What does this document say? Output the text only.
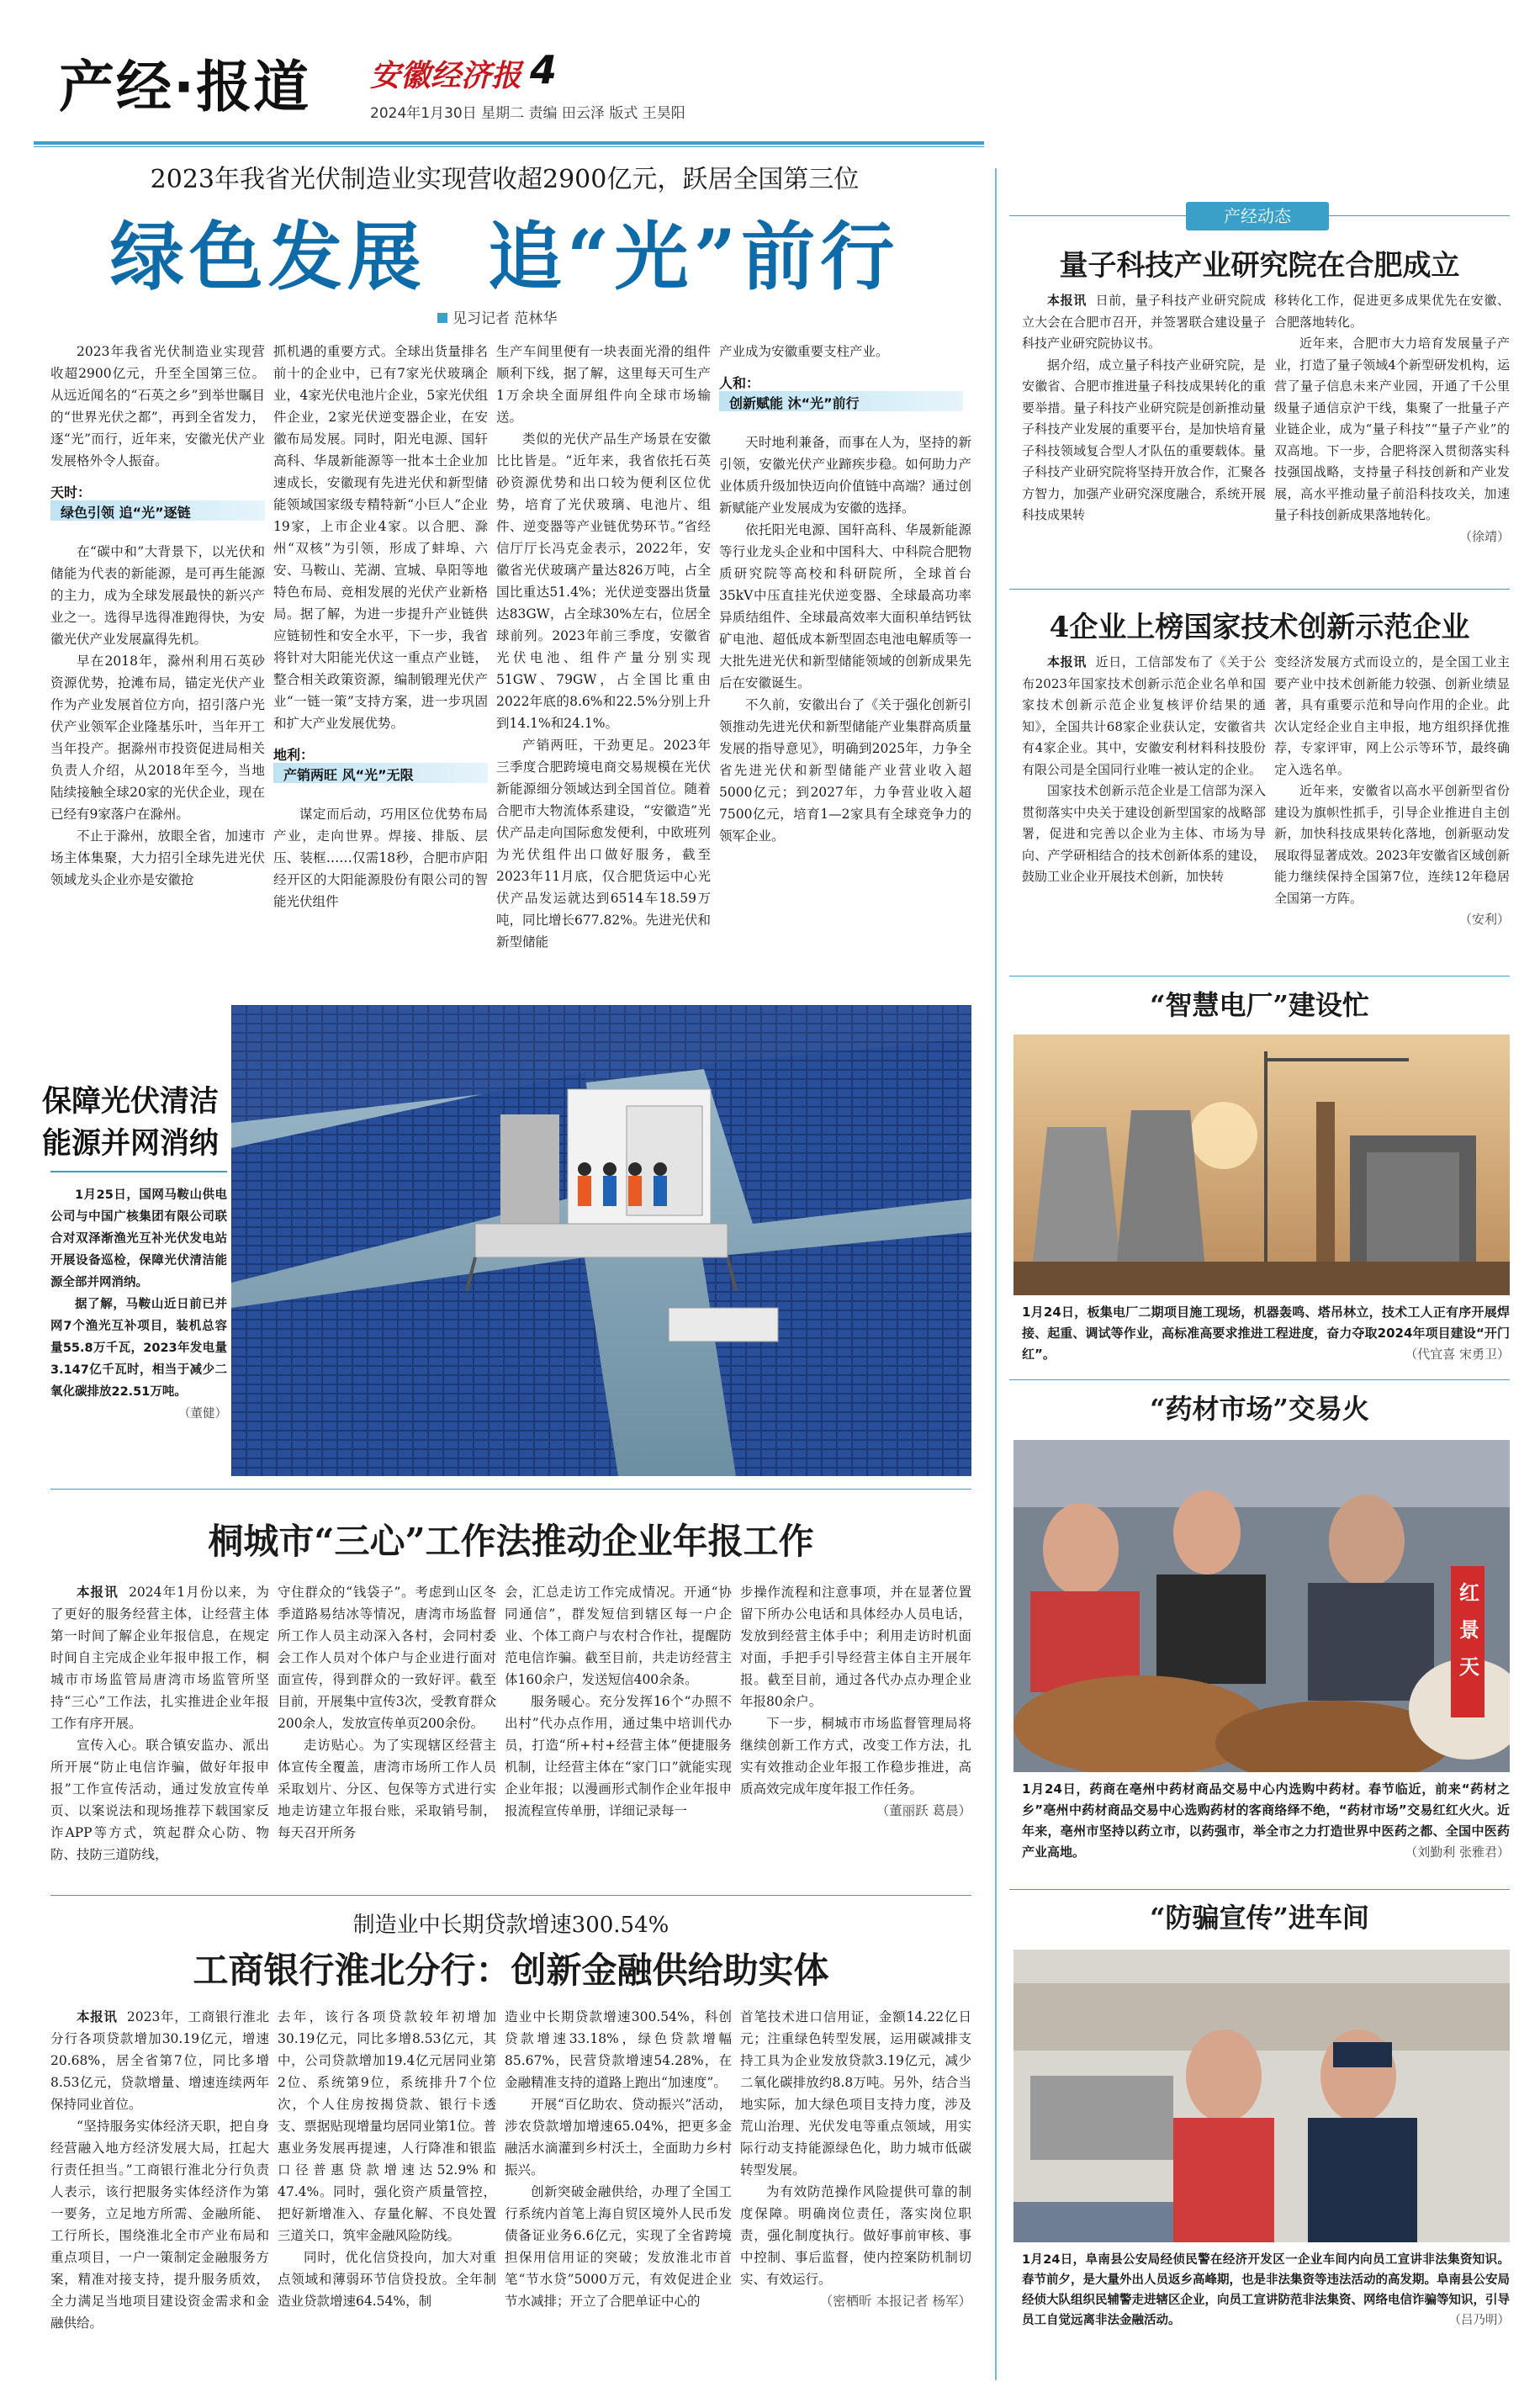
产经·报道 安徽经济报 4
2024年1月30日 星期二 责编 田云泽 版式 王昊阳
2023年我省光伏制造业实现营收超2900亿元，跃居全国第三位
绿色发展  追“光”前行
见习记者 范林华

2023年我省光伏制造业实现营收超2900亿元，升至全国第三位。从远近闻名的“石英之乡”到举世瞩目的“世界光伏之都”，再到全省发力，逐“光”而行，近年来，安徽光伏产业发展格外令人振奋。

天时：
绿色引领 追“光”逐链

在“碳中和”大背景下，以光伏和储能为代表的新能源，是可再生能源的主力，成为全球发展最快的新兴产业之一。选得早选得准跑得快，为安徽光伏产业发展赢得先机。

早在2018年，滁州利用石英砂资源优势，抢滩布局，锚定光伏产业作为产业发展首位方向，招引落户光伏产业领军企业隆基乐叶，当年开工当年投产。据滁州市投资促进局相关负责人介绍，从2018年至今，当地陆续接触全球20家的光伏企业，现在已经有9家落户在滁州。

不止于滁州，放眼全省，加速市场主体集聚，大力招引全球先进光伏领域龙头企业亦是安徽抢

抓机遇的重要方式。全球出货量排名前十的企业中，已有7家光伏玻璃企业，4家光伏电池片企业，5家光伏组件企业，2家光伏逆变器企业，在安徽布局发展。同时，阳光电源、国轩高科、华晟新能源等一批本土企业加速成长，安徽现有先进光伏和新型储能领域国家级专精特新“小巨人”企业19家，上市企业4家。以合肥、滁州“双核”为引领，形成了蚌埠、六安、马鞍山、芜湖、宣城、阜阳等地特色布局、竞相发展的光伏产业新格局。据了解，为进一步提升产业链供应链韧性和安全水平，下一步，我省将针对大阳能光伏这一重点产业链，整合相关政策资源，编制锻理光伏产业“一链一策”支持方案，进一步巩固和扩大产业发展优势。

地利：
产销两旺 风“光”无限

谋定而后动，巧用区位优势布局产业，走向世界。焊接、排版、层压、装框……仅需18秒，合肥市庐阳经开区的大阳能源股份有限公司的智能光伏组件

生产车间里便有一块表面光滑的组件顺利下线，据了解，这里每天可生产1万余块全面屏组件向全球市场输送。

类似的光伏产品生产场景在安徽比比皆是。“近年来，我省依托石英砂资源优势和出口较为便利区位优势，培育了光伏玻璃、电池片、组件、逆变器等产业链优势环节。”省经信厅厅长冯克金表示，2022年，安徽省光伏玻璃产量达826万吨，占全国比重达51.4%；光伏逆变器出货量达83GW，占全球30%左右，位居全球前列。2023年前三季度，安徽省光伏电池、组件产量分别实现51GW、79GW，占全国比重由2022年底的8.6%和22.5%分别上升到14.1%和24.1%。

产销两旺，干劲更足。2023年三季度合肥跨境电商交易规模在光伏新能源细分领域达到全国首位。随着合肥市大物流体系建设，“安徽造”光伏产品走向国际愈发便利，中欧班列为光伏组件出口做好服务，截至2023年11月底，仅合肥货运中心光伏产品发运就达到6514车18.59万吨，同比增长677.82%。先进光伏和新型储能

产业成为安徽重要支柱产业。

人和：
创新赋能 沐“光”前行

天时地利兼备，而事在人为，坚持的新引领，安徽光伏产业蹄疾步稳。如何助力产业体质升级加快迈向价值链中高端？通过创新赋能产业发展成为安徽的选择。

依托阳光电源、国轩高科、华晟新能源等行业龙头企业和中国科大、中科院合肥物质研究院等高校和科研院所，全球首台35kV中压直挂光伏逆变器、全球最高功率异质结组件、全球最高效率大面积单结钙钛矿电池、超低成本新型固态电池电解质等一大批先进光伏和新型储能领域的创新成果先后在安徽诞生。

不久前，安徽出台了《关于强化创新引领推动先进光伏和新型储能产业集群高质量发展的指导意见》，明确到2025年，力争全省先进光伏和新型储能产业营业收入超5000亿元；到2027年，力争营业收入超7500亿元，培育1—2家具有全球竞争力的领军企业。

保障光伏清洁能源并网消纳

1月25日，国网马鞍山供电公司与中国广核集团有限公司联合对双泽渐渔光互补光伏发电站开展设备巡检，保障光伏清洁能源全部并网消纳。

据了解，马鞍山近日前已并网7个渔光互补项目，装机总容量55.8万千瓦，2023年发电量3.147亿千瓦时，相当于减少二氧化碳排放22.51万吨。

（董健）
桐城市“三心”工作法推动企业年报工作

本报讯 2024年1月份以来，为了更好的服务经营主体，让经营主体第一时间了解企业年报信息，在规定时间自主完成企业年报申报工作，桐城市市场监管局唐湾市场监管所坚持“三心”工作法，扎实推进企业年报工作有序开展。

宣传入心。联合镇安监办、派出所开展“防止电信诈骗，做好年报申报”工作宣传活动，通过发放宣传单页、以案说法和现场推荐下载国家反诈APP等方式，筑起群众心防、物防、技防三道防线，

守住群众的“钱袋子”。考虑到山区冬季道路易结冰等情况，唐湾市场监督所工作人员主动深入各村，会同村委会工作人员对个体户与企业进行面对面宣传，得到群众的一致好评。截至目前，开展集中宣传3次，受教育群众200余人，发放宣传单页200余份。

走访贴心。为了实现辖区经营主体宣传全覆盖，唐湾市场所工作人员采取划片、分区、包保等方式进行实地走访建立年报台账，采取销号制，每天召开所务

会，汇总走访工作完成情况。开通“协同通信”，群发短信到辖区每一户企业、个体工商户与农村合作社，提醒防范电信诈骗。截至目前，共走访经营主体160余户，发送短信400余条。

服务暖心。充分发挥16个“办照不出村”代办点作用，通过集中培训代办员，打造“所+村+经营主体”便捷服务机制，让经营主体在“家门口”就能实现企业年报；以漫画形式制作企业年报申报流程宣传单册，详细记录每一

步操作流程和注意事项，并在显著位置留下所办公电话和具体经办人员电话，发放到经营主体手中；利用走访时机面对面，手把手引导经营主体自主开展年报。截至目前，通过各代办点办理企业年报80余户。

下一步，桐城市市场监督管理局将继续创新工作方式，改变工作方法，扎实有效推动企业年报工作稳步推进，高质高效完成年度年报工作任务。

（董丽跃 葛晨）
制造业中长期贷款增速300.54%
工商银行淮北分行：创新金融供给助实体

本报讯 2023年，工商银行淮北分行各项贷款增加30.19亿元，增速20.68%，居全省第7位，同比多增8.53亿元，贷款增量、增速连续两年保持同业首位。

“坚持服务实体经济天职，把自身经营融入地方经济发展大局，扛起大行责任担当。”工商银行淮北分行负责人表示，该行把服务实体经济作为第一要务，立足地方所需、金融所能、工行所长，围绕淮北全市产业布局和重点项目，一户一策制定金融服务方案，精准对接支持，提升服务质效，全力满足当地项目建设资金需求和金融供给。

去年，该行各项贷款较年初增加30.19亿元，同比多增8.53亿元，其中，公司贷款增加19.4亿元居同业第2位、系统第9位，系统排升7个位次，个人住房按揭贷款、银行卡透支、票据贴现增量均居同业第1位。普惠业务发展再提速，人行降准和银监口径普惠贷款增速达52.9%和47.4%。同时，强化资产质量管控，把好新增准入、存量化解、不良处置三道关口，筑牢金融风险防线。

同时，优化信贷投向，加大对重点领域和薄弱环节信贷投放。全年制造业贷款增速64.54%，制

造业中长期贷款增速300.54%，科创贷款增速33.18%，绿色贷款增幅85.67%，民营贷款增速54.28%，在金融精准支持的道路上跑出“加速度”。

开展“百亿助农、贷动振兴”活动，涉农贷款增加增速65.04%，把更多金融活水滴灌到乡村沃土，全面助力乡村振兴。

创新突破金融供给，办理了全国工行系统内首笔上海自贸区境外人民币发债备证业务6.6亿元，实现了全省跨境担保用信用证的突破；发放淮北市首笔“节水贷”5000万元，有效促进企业节水减排；开立了合肥单证中心的

首笔技术进口信用证，金额14.22亿日元；注重绿色转型发展，运用碳减排支持工具为企业发放贷款3.19亿元，减少二氧化碳排放约8.8万吨。另外，结合当地实际，加大绿色项目支持力度，涉及荒山治理、光伏发电等重点领域，用实际行动支持能源绿色化，助力城市低碳转型发展。

为有效防范操作风险提供可靠的制度保障。明确岗位责任，落实岗位职责，强化制度执行。做好事前审核、事中控制、事后监督，使内控案防机制切实、有效运行。

（密栖昕 本报记者 杨军）
产经动态
量子科技产业研究院在合肥成立

本报讯 日前，量子科技产业研究院成立大会在合肥市召开，并签署联合建设量子科技产业研究院协议书。

据介绍，成立量子科技产业研究院，是安徽省、合肥市推进量子科技成果转化的重要举措。量子科技产业研究院是创新推动量子科技产业发展的重要平台，是加快培育量子科技领域复合型人才队伍的重要载体。量子科技产业研究院将坚持开放合作，汇聚各方智力，加强产业研究深度融合，系统开展科技成果转

移转化工作，促进更多成果优先在安徽、合肥落地转化。

近年来，合肥市大力培育发展量子产业，打造了量子领域4个新型研发机构，运营了量子信息未来产业园，开通了千公里级量子通信京沪干线，集聚了一批量子产业链企业，成为“量子科技”“量子产业”的双高地。下一步，合肥将深入贯彻落实科技强国战略，支持量子科技创新和产业发展，高水平推动量子前沿科技攻关，加速量子科技创新成果落地转化。

（徐靖）
4企业上榜国家技术创新示范企业

本报讯 近日，工信部发布了《关于公布2023年国家技术创新示范企业名单和国家技术创新示范企业复核评价结果的通知》，全国共计68家企业获认定，安徽省共有4家企业。其中，安徽安利材料科技股份有限公司是全国同行业唯一被认定的企业。

国家技术创新示范企业是工信部为深入贯彻落实中央关于建设创新型国家的战略部署，促进和完善以企业为主体、市场为导向、产学研相结合的技术创新体系的建设，鼓励工业企业开展技术创新，加快转

变经济发展方式而设立的，是全国工业主要产业中技术创新能力较强、创新业绩显著，具有重要示范和导向作用的企业。此次认定经企业自主申报，地方组织择优推荐，专家评审，网上公示等环节，最终确定入选名单。

近年来，安徽省以高水平创新型省份建设为旗帜性抓手，引导企业推进自主创新，加快科技成果转化落地，创新驱动发展取得显著成效。2023年安徽省区域创新能力继续保持全国第7位，连续12年稳居全国第一方阵。

（安利）
“智慧电厂”建设忙
1月24日，板集电厂二期项目施工现场，机器轰鸣、塔吊林立，技术工人正有序开展焊接、起重、调试等作业，高标准高要求推进工程进度，奋力夺取2024年项目建设“开门红”。	（代宜喜 宋勇卫）
“药材市场”交易火
红
景
天
1月24日，药商在亳州中药材商品交易中心内选购中药材。春节临近，前来“药材之乡”亳州中药材商品交易中心选购药材的客商络绎不绝，“药材市场”交易红红火火。近年来，亳州市坚持以药立市，以药强市，举全市之力打造世界中医药之都、全国中医药产业高地。	（刘勤利 张雅君）
“防骗宣传”进车间
1月24日，阜南县公安局经侦民警在经济开发区一企业车间内向员工宣讲非法集资知识。春节前夕，是大量外出人员返乡高峰期，也是非法集资等违法活动的高发期。阜南县公安局经侦大队组织民辅警走进辖区企业，向员工宣讲防范非法集资、网络电信诈骗等知识，引导员工自觉远离非法金融活动。	（吕乃明）
